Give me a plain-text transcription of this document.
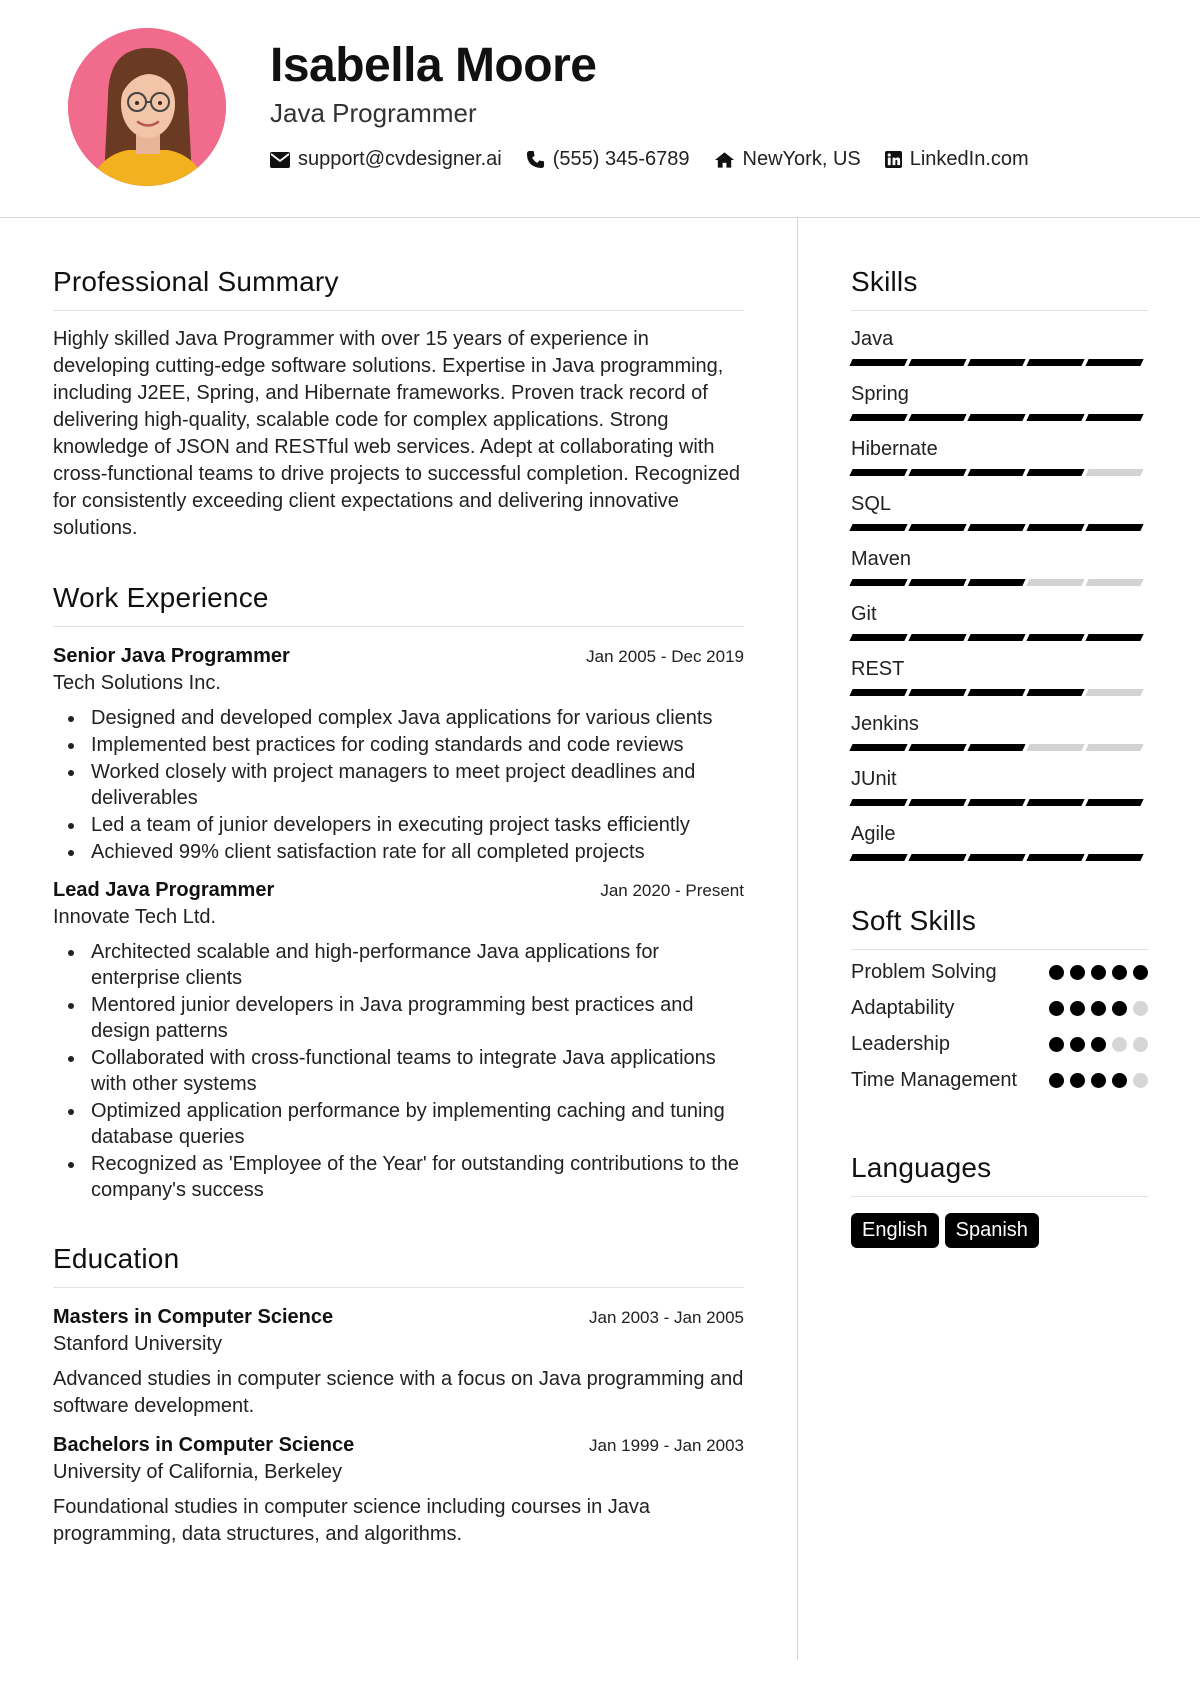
Isabella Moore
Java Programmer
support@cvdesigner.ai	(555) 345-6789	NewYork, US LinkedIn.com
Professional Summary

Highly skilled Java Programmer with over 15 years of experience in developing cutting-edge software solutions. Expertise in Java programming, including J2EE, Spring, and Hibernate frameworks. Proven track record of delivering high-quality, scalable code for complex applications. Strong knowledge of JSON and RESTful web services. Adept at collaborating with cross-functional teams to drive projects to successful completion. Recognized for consistently exceeding client expectations and delivering innovative solutions.

Work Experience
Senior Java Programmer	Jan 2005 - Dec 2019
Tech Solutions Inc.
Designed and developed complex Java applications for various clients
Implemented best practices for coding standards and code reviews
Worked closely with project managers to meet project deadlines and deliverables
Led a team of junior developers in executing project tasks efficiently
Achieved 99% client satisfaction rate for all completed projects
Lead Java Programmer	Jan 2020 - Present
Innovate Tech Ltd.
Architected scalable and high-performance Java applications for enterprise clients
Mentored junior developers in Java programming best practices and design patterns
Collaborated with cross-functional teams to integrate Java applications with other systems
Optimized application performance by implementing caching and tuning database queries
Recognized as 'Employee of the Year' for outstanding contributions to the company's success
Education
Masters in Computer Science	Jan 2003 - Jan 2005
Stanford University

Advanced studies in computer science with a focus on Java programming and software development.

Bachelors in Computer Science	Jan 1999 - Jan 2003
University of California, Berkeley

Foundational studies in computer science including courses in Java programming, data structures, and algorithms.

Skills
Java
Spring
Hibernate
SQL
Maven
Git
REST
Jenkins
JUnit
Agile
Soft Skills
Problem Solving
Adaptability
Leadership
Time Management
Languages
English	Spanish
